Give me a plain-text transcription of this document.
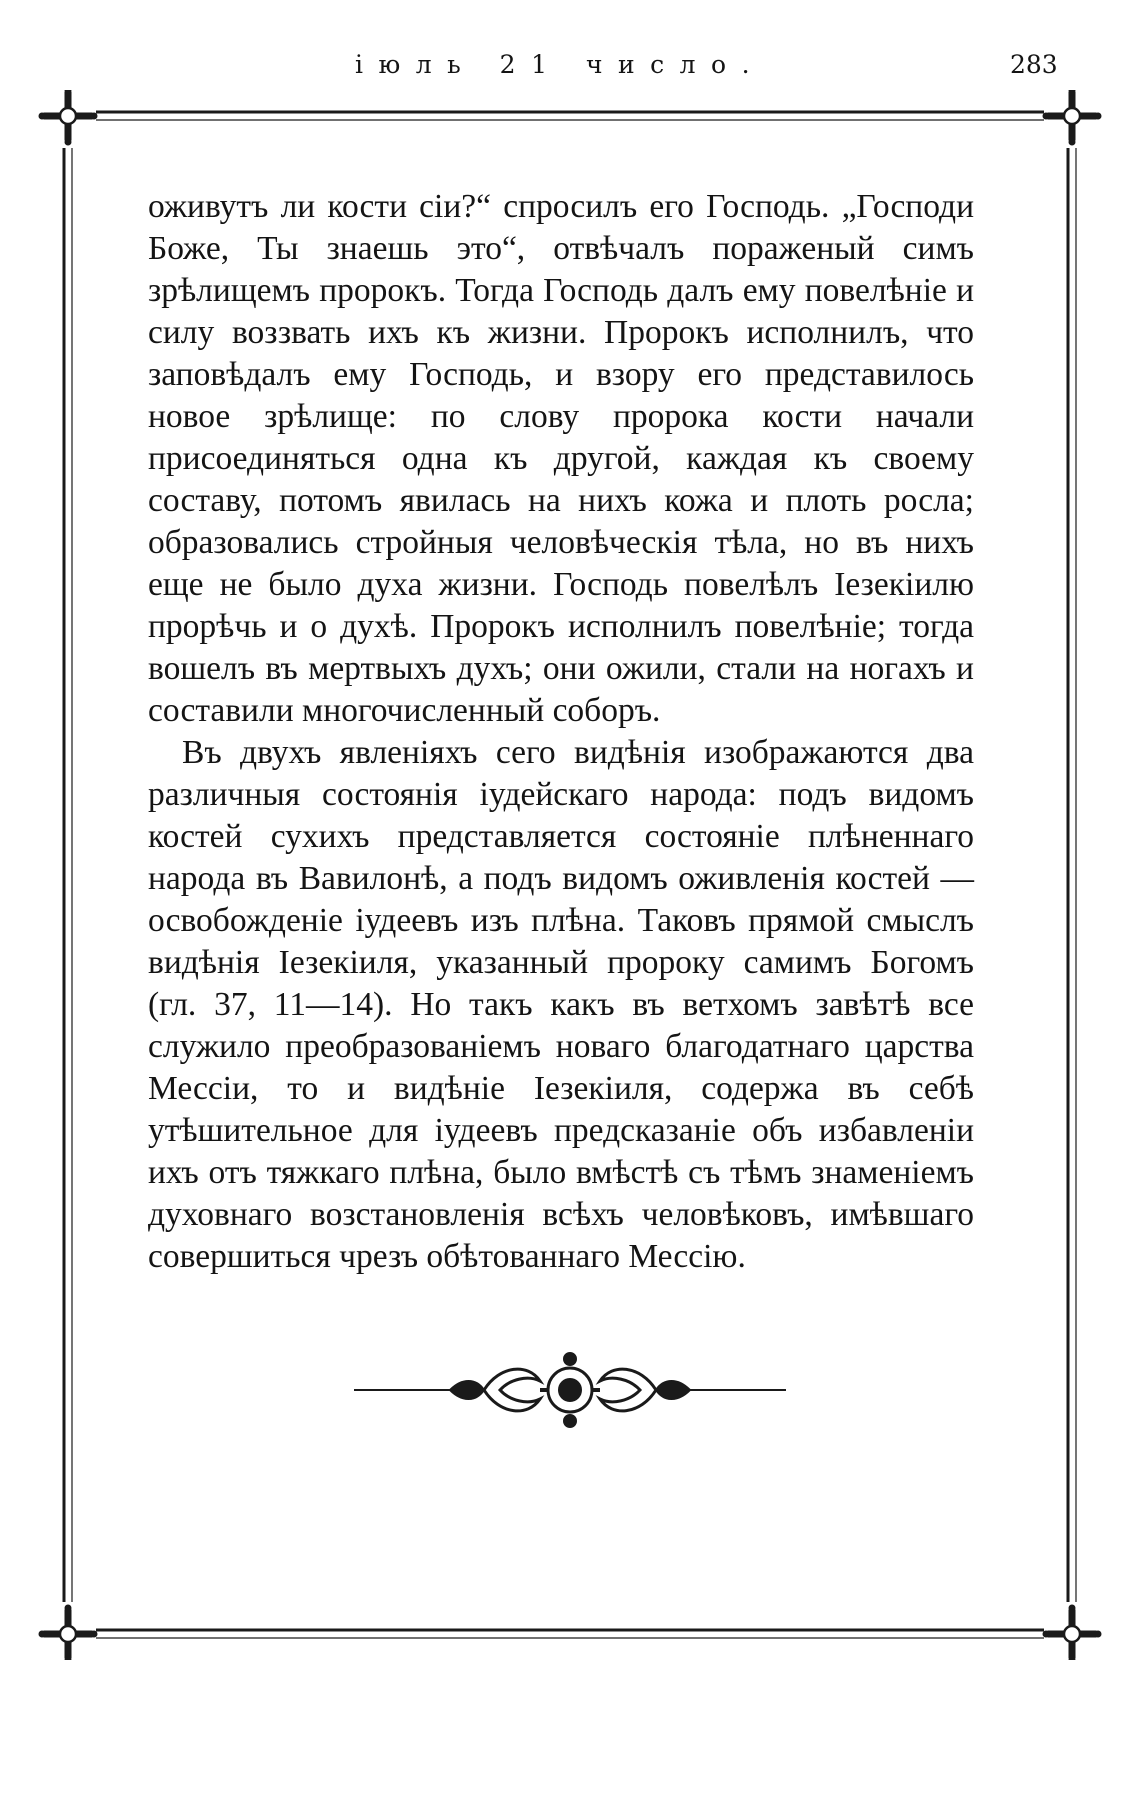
іюль 21 число.	283

оживутъ ли кости сіи?“ спросилъ его Господь. „Господи Боже, Ты знаешь это“, отвѣчалъ пораженый симъ зрѣлищемъ пророкъ. Тогда Господь далъ ему повелѣніе и силу воззвать ихъ къ жизни. Пророкъ исполнилъ, что заповѣдалъ ему Господь, и взору его представилось новое зрѣлище: по слову пророка кости начали присоединяться одна къ другой, каждая къ своему составу, потомъ явилась на нихъ кожа и плоть росла; образовались стройныя человѣческія тѣла, но въ нихъ еще не было духа жизни. Господь повелѣлъ Іезекіилю прорѣчь и о духѣ. Пророкъ исполнилъ повелѣніе; тогда вошелъ въ мертвыхъ духъ; они ожили, стали на ногахъ и составили многочисленный соборъ.

Въ двухъ явленіяхъ сего видѣнія изображаются два различныя состоянія іудейскаго народа: подъ видомъ костей сухихъ представляется состояніе плѣненнаго народа въ Вавилонѣ, а подъ видомъ оживленія костей — освобожденіе іудеевъ изъ плѣна. Таковъ прямой смыслъ видѣнія Іезекіиля, указанный пророку самимъ Богомъ (гл. 37, 11—14). Но такъ какъ въ ветхомъ завѣтѣ все служило преобразованіемъ новаго благодатнаго царства Мессіи, то и видѣніе Іезекіиля, содержа въ себѣ утѣшительное для іудеевъ предсказаніе объ избавленіи ихъ отъ тяжкаго плѣна, было вмѣстѣ съ тѣмъ знаменіемъ духовнаго возстановленія всѣхъ человѣковъ, имѣвшаго совершиться чрезъ обѣтованнаго Мессію.
